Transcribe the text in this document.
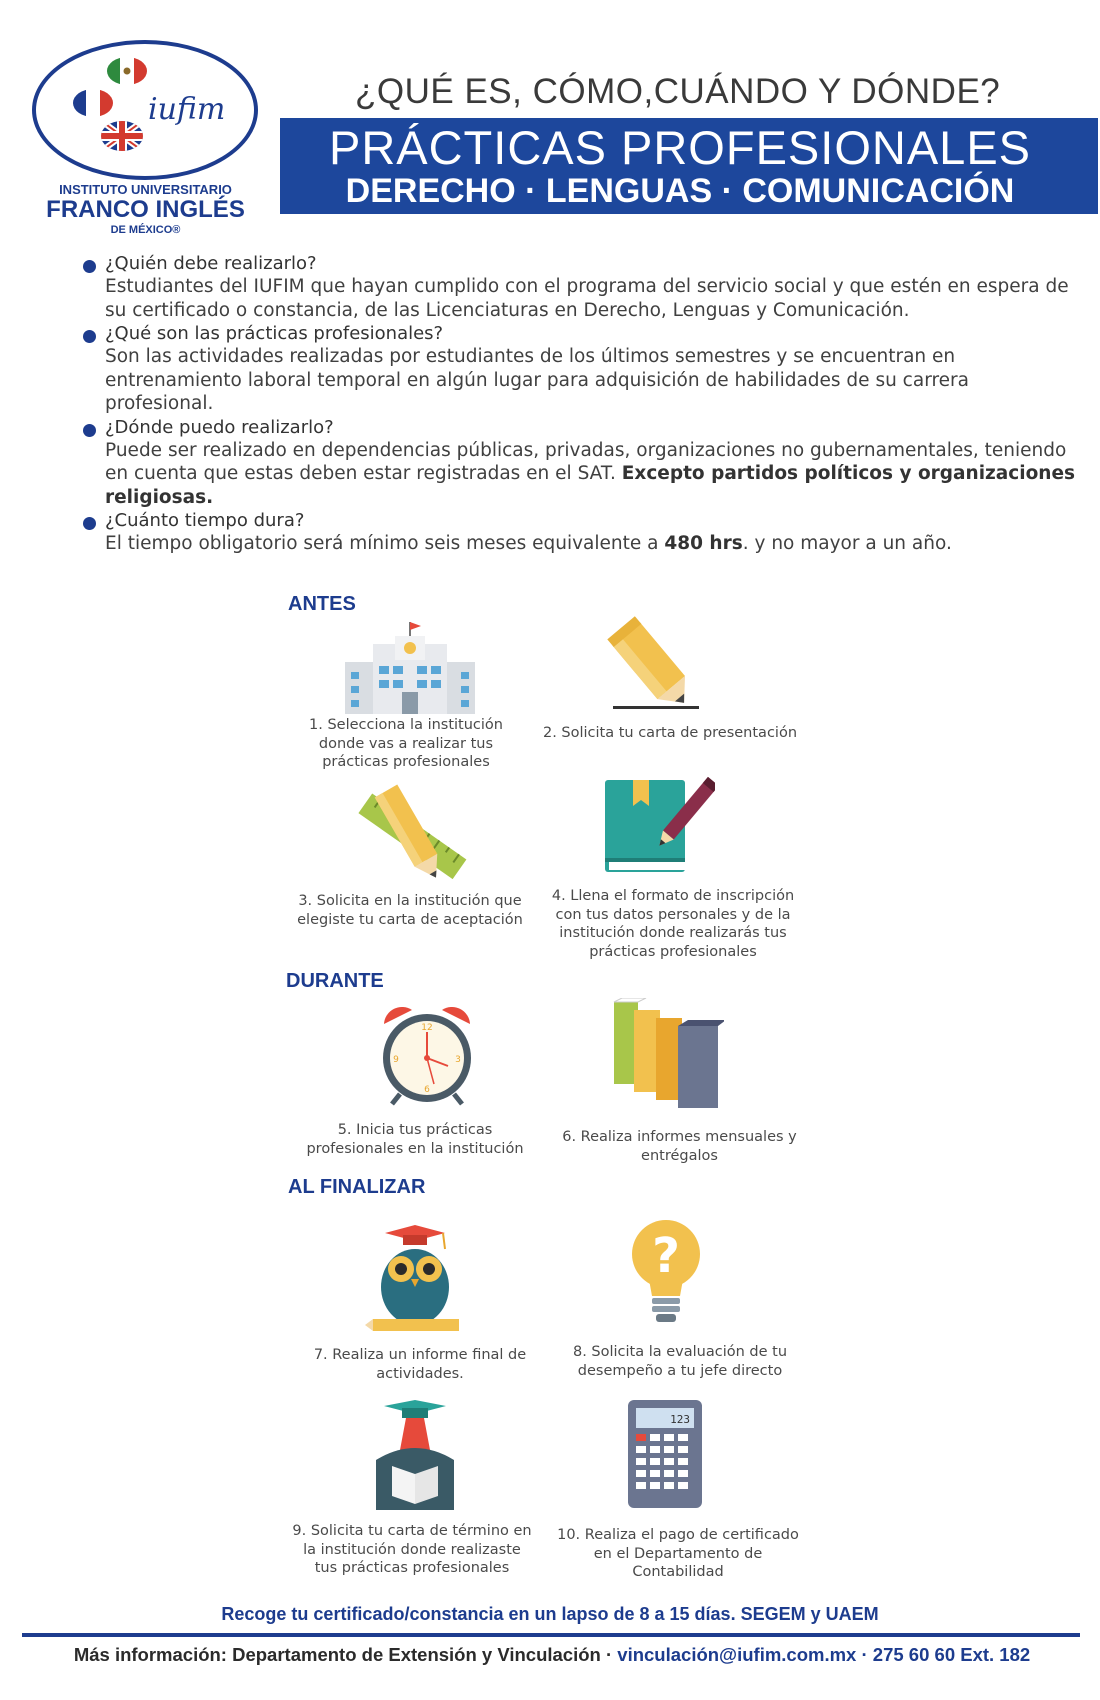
iufim
INSTITUTO UNIVERSITARIO
FRANCO INGLÉS
DE MÉXICO®
¿QUÉ ES, CÓMO,CUÁNDO Y DÓNDE?
PRÁCTICAS PROFESIONALES
DERECHO · LENGUAS · COMUNICACIÓN
¿Quién debe realizarlo?
Estudiantes del IUFIM que hayan cumplido con el programa del servicio social y que estén en espera de su certificado o constancia, de las Licenciaturas en Derecho, Lenguas y Comunicación.
¿Qué son las prácticas profesionales?
Son las actividades realizadas por estudiantes de los últimos semestres y se encuentran en entrenamiento laboral temporal en algún lugar para adquisición de habilidades de su carrera profesional.
¿Dónde puedo realizarlo?
Puede ser realizado en dependencias públicas, privadas, organizaciones no gubernamentales, teniendo en cuenta que estas deben estar registradas en el SAT. Excepto partidos políticos y organizaciones religiosas.
¿Cuánto tiempo dura?
El tiempo obligatorio será mínimo seis meses equivalente a 480 hrs. y no mayor a un año.
ANTES
DURANTE
AL FINALIZAR
12
3
6
9
?
123
1. Selecciona la institución donde vas a realizar tus prácticas profesionales
2. Solicita tu carta de presentación
3. Solicita en la institución que elegiste tu carta de aceptación
4. Llena el formato de inscripción con tus datos personales y de la institución donde realizarás tus prácticas profesionales
5. Inicia tus prácticas profesionales en la institución
6. Realiza informes mensuales y entrégalos
7. Realiza un informe final de actividades.
8. Solicita la evaluación de tu desempeño a tu jefe directo
9. Solicita tu carta de término en la institución donde realizaste tus prácticas profesionales
10. Realiza el pago de certificado en el Departamento de Contabilidad
Recoge tu certificado/constancia en un lapso de 8 a 15 días. SEGEM y UAEM
Más información: Departamento de Extensión y Vinculación · vinculación@iufim.com.mx · 275 60 60 Ext. 182
